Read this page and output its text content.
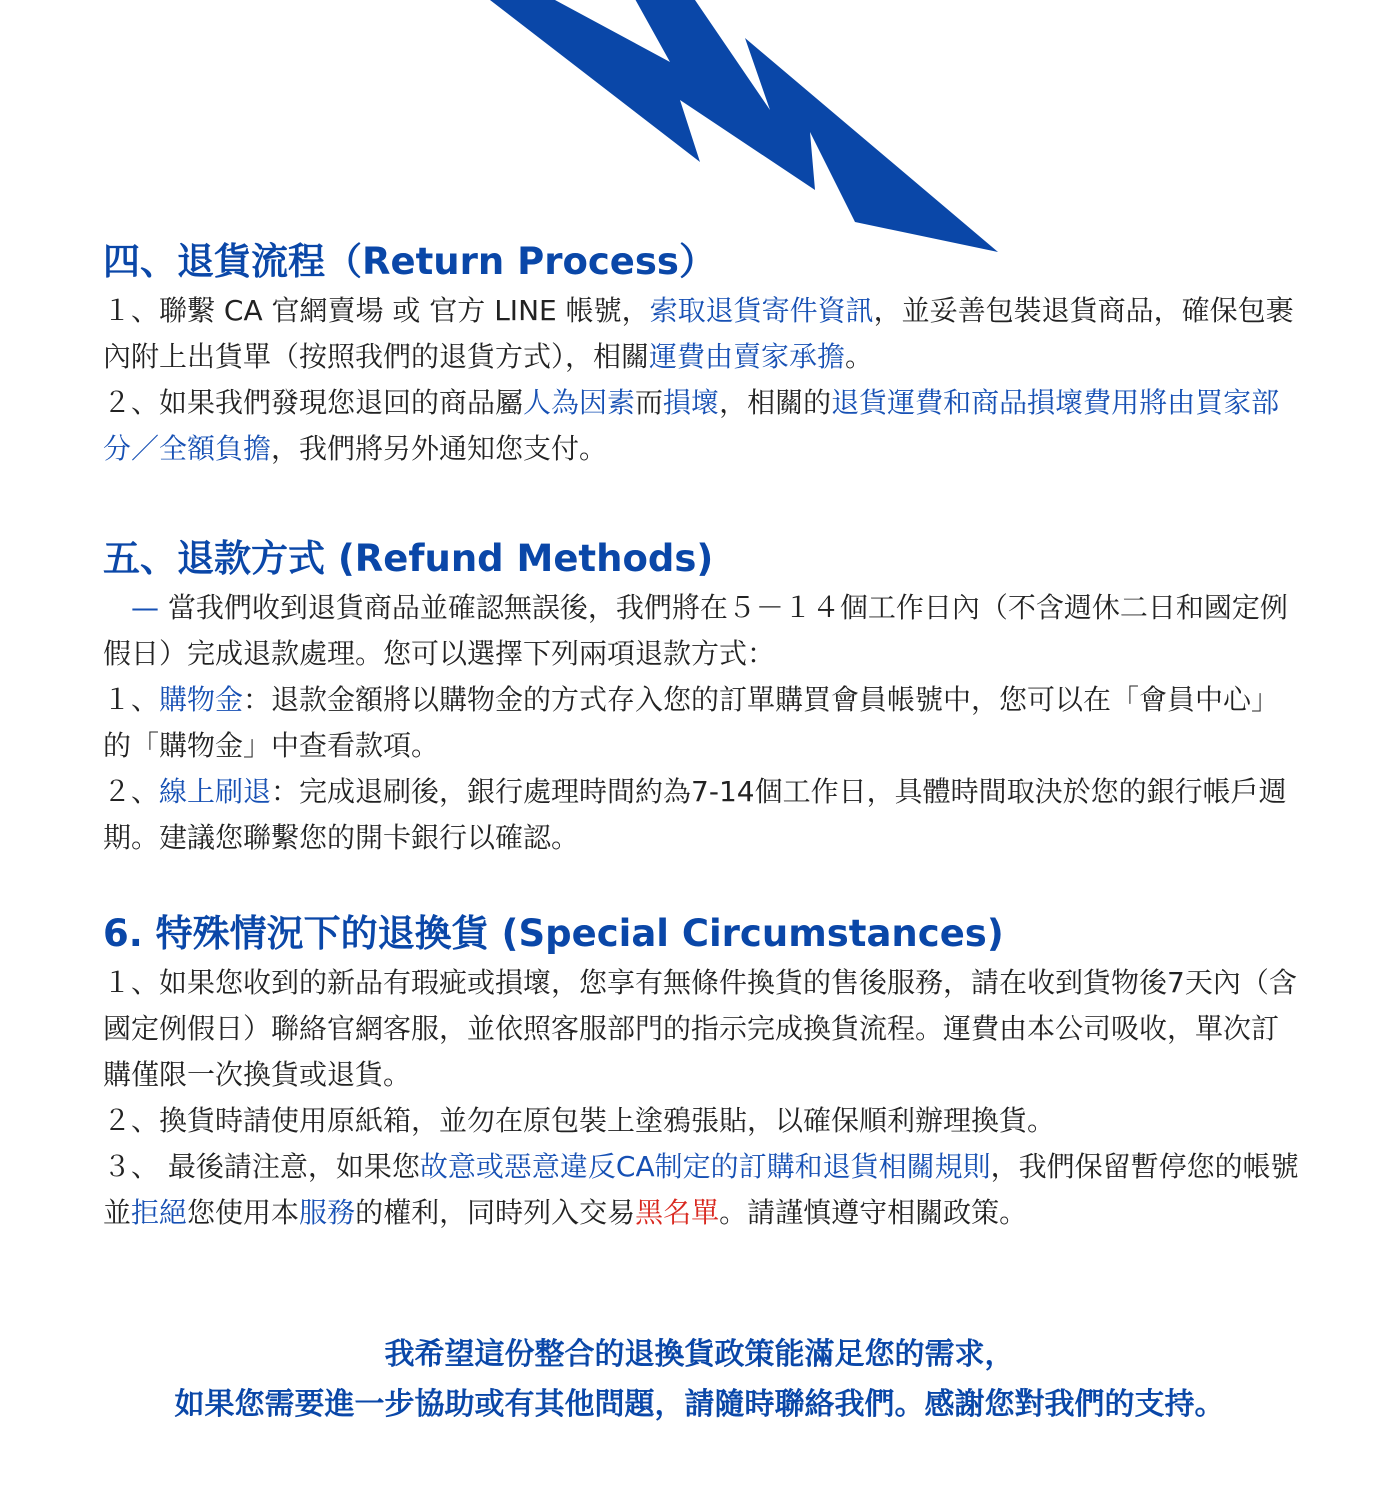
四、退貨流程（Return Process）

１、聯繫 CA 官網賣場 或 官方 LINE 帳號，索取退貨寄件資訊，並妥善包裝退貨商品，確保包裹內附上出貨單（按照我們的退貨方式），相關運費由賣家承擔。

２、如果我們發現您退回的商品屬人為因素而損壞，相關的退貨運費和商品損壞費用將由買家部分／全額負擔，我們將另外通知您支付。

五、退款方式 (Refund Methods)

　— 當我們收到退貨商品並確認無誤後，我們將在５－１４個工作日內（不含週休二日和國定例假日）完成退款處理。您可以選擇下列兩項退款方式：

１、購物金：退款金額將以購物金的方式存入您的訂單購買會員帳號中，您可以在「會員中心」的「購物金」中查看款項。

２、線上刷退：完成退刷後，銀行處理時間約為7-14個工作日，具體時間取決於您的銀行帳戶週期。建議您聯繫您的開卡銀行以確認。

6. 特殊情況下的退換貨 (Special Circumstances)

１、如果您收到的新品有瑕疵或損壞，您享有無條件換貨的售後服務，請在收到貨物後7天內（含國定例假日）聯絡官網客服，並依照客服部門的指示完成換貨流程。運費由本公司吸收，單次訂購僅限一次換貨或退貨。

２、換貨時請使用原紙箱，並勿在原包裝上塗鴉張貼，以確保順利辦理換貨。

３、 最後請注意，如果您故意或惡意違反CA制定的訂購和退貨相關規則，我們保留暫停您的帳號並拒絕您使用本服務的權利，同時列入交易黑名單。請謹慎遵守相關政策。

我希望這份整合的退換貨政策能滿足您的需求，

如果您需要進一步協助或有其他問題，請隨時聯絡我們。感謝您對我們的支持。
